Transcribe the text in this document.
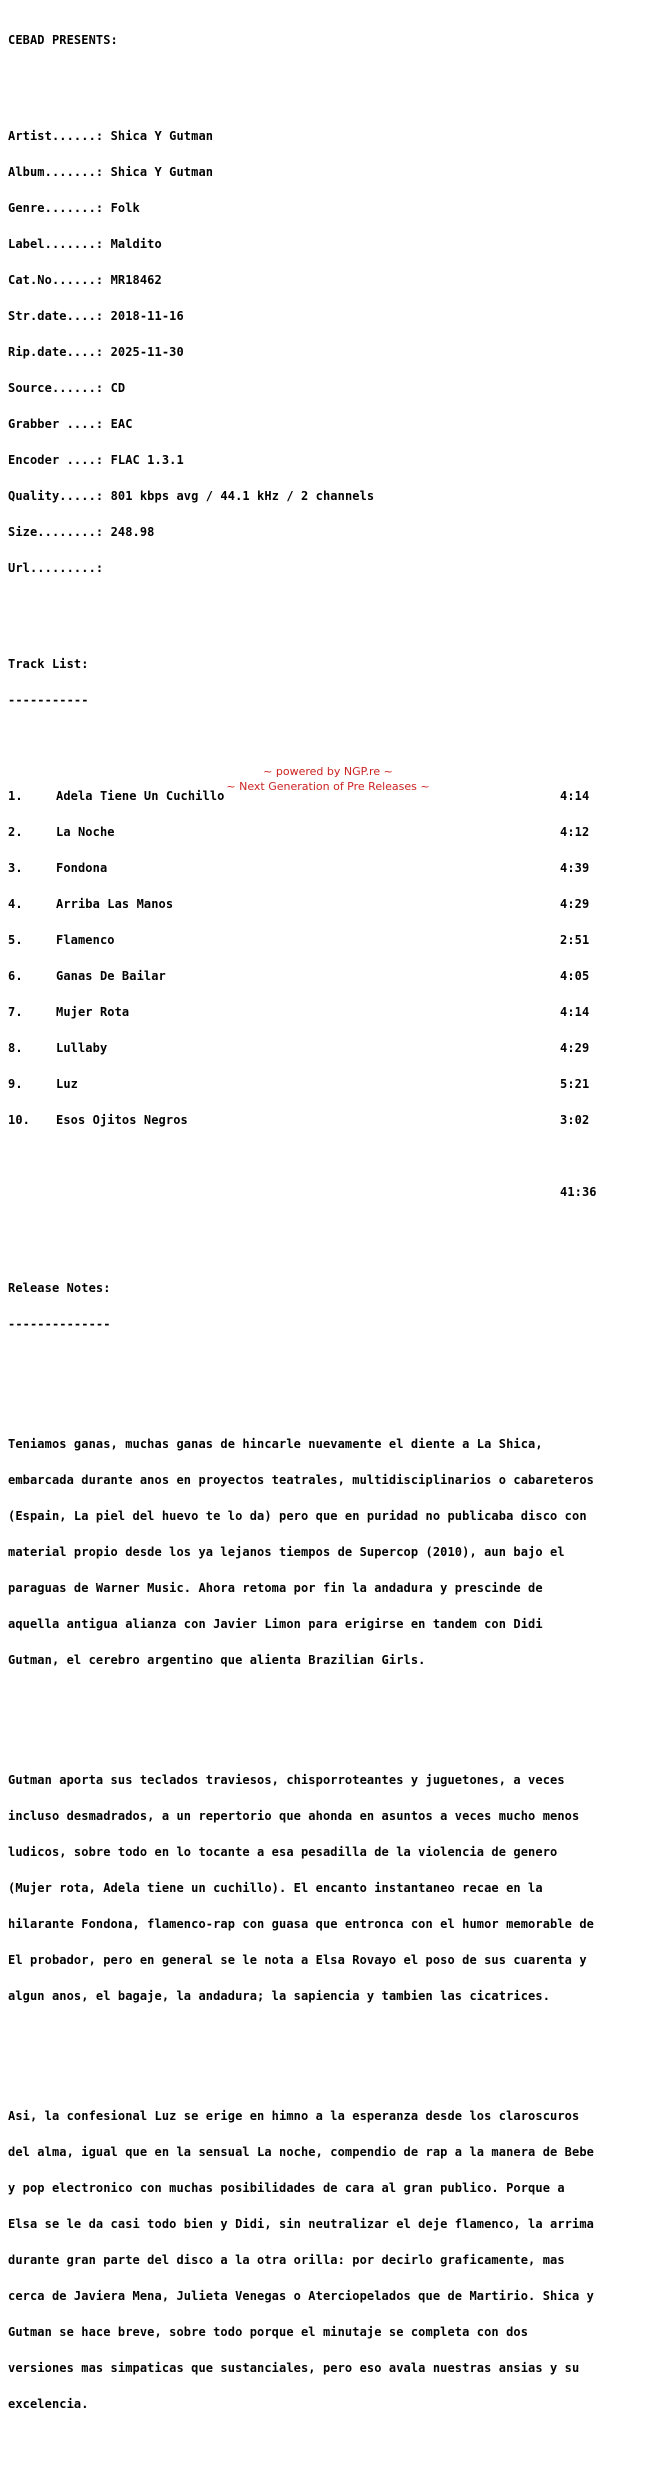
CEBAD PRESENTS:

Artist......: Shica Y Gutman

Album.......: Shica Y Gutman

Genre.......: Folk

Label.......: Maldito

Cat.No......: MR18462

Str.date....: 2018-11-16

Rip.date....: 2025-11-30

Source......: CD

Grabber ....: EAC

Encoder ....: FLAC 1.3.1

Quality.....: 801 kbps avg / 44.1 kHz / 2 channels

Size........: 248.98

Url.........:

Track List:

-----------

1.	Adela Tiene Un Cuchillo	4:14

2.	La Noche	4:12

3.	Fondona	4:39

4.	Arriba Las Manos	4:29

5.	Flamenco	2:51

6.	Ganas De Bailar	4:05

7.	Mujer Rota	4:14

8.	Lullaby	4:29

9.	Luz	5:21

10. Esos Ojitos Negros	3:02

41:36

Release Notes:

--------------

Teniamos ganas, muchas ganas de hincarle nuevamente el diente a La Shica,

embarcada durante anos en proyectos teatrales, multidisciplinarios o cabareteros

(Espain, La piel del huevo te lo da) pero que en puridad no publicaba disco con

material propio desde los ya lejanos tiempos de Supercop (2010), aun bajo el

paraguas de Warner Music. Ahora retoma por fin la andadura y prescinde de

aquella antigua alianza con Javier Limon para erigirse en tandem con Didi

Gutman, el cerebro argentino que alienta Brazilian Girls.

Gutman aporta sus teclados traviesos, chisporroteantes y juguetones, a veces

incluso desmadrados, a un repertorio que ahonda en asuntos a veces mucho menos

ludicos, sobre todo en lo tocante a esa pesadilla de la violencia de genero

(Mujer rota, Adela tiene un cuchillo). El encanto instantaneo recae en la

hilarante Fondona, flamenco-rap con guasa que entronca con el humor memorable de

El probador, pero en general se le nota a Elsa Rovayo el poso de sus cuarenta y

algun anos, el bagaje, la andadura; la sapiencia y tambien las cicatrices.

Asi, la confesional Luz se erige en himno a la esperanza desde los claroscuros

del alma, igual que en la sensual La noche, compendio de rap a la manera de Bebe

y pop electronico con muchas posibilidades de cara al gran publico. Porque a

Elsa se le da casi todo bien y Didi, sin neutralizar el deje flamenco, la arrima

durante gran parte del disco a la otra orilla: por decirlo graficamente, mas

cerca de Javiera Mena, Julieta Venegas o Aterciopelados que de Martirio. Shica y

Gutman se hace breve, sobre todo porque el minutaje se completa con dos

versiones mas simpaticas que sustanciales, pero eso avala nuestras ansias y su

excelencia.

~ powered by NGP.re ~
~ Next Generation of Pre Releases ~
